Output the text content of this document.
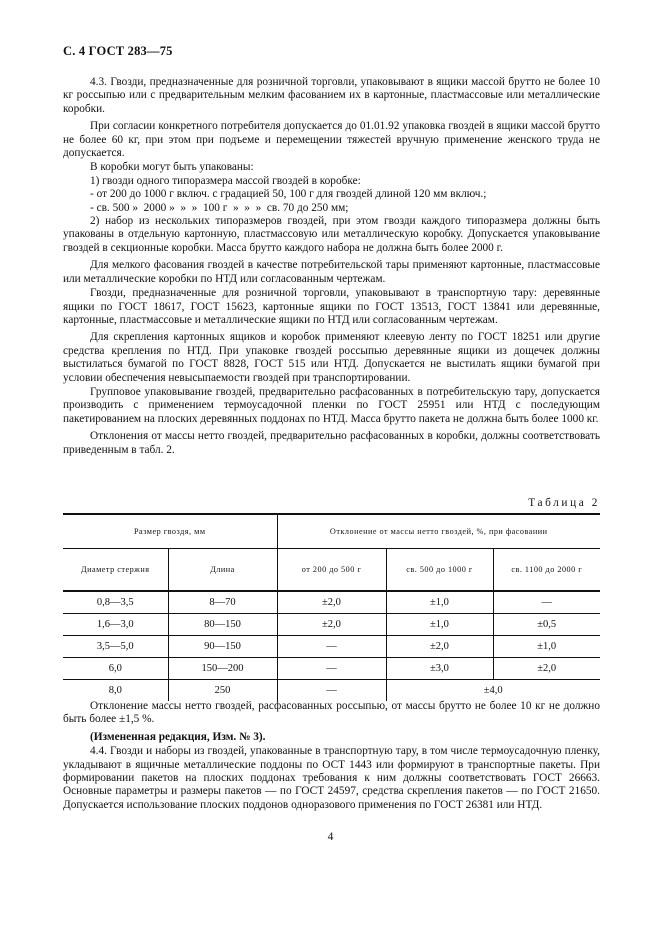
С. 4 ГОСТ 283—75
4.3. Гвозди, предназначенные для розничной торговли, упаковывают в ящики массой брутто не более 10 кг россыпью или с предварительным мелким фасованием их в картонные, пластмассовые или металлические коробки.
При согласии конкретного потребителя допускается до 01.01.92 упаковка гвоздей в ящики массой брутто не более 60 кг, при этом при подъеме и перемещении тяжестей вручную применение женского труда не допускается.
В коробки могут быть упакованы:
1) гвозди одного типоразмера массой гвоздей в коробке:
- от 200 до 1000 г включ. с градацией 50, 100 г для гвоздей длиной 120 мм включ.;
- св. 500 »  2000 »  »  »  100 г  »  »  »  св. 70 до 250 мм;
2) набор из нескольких типоразмеров гвоздей, при этом гвозди каждого типоразмера должны быть упакованы в отдельную картонную, пластмассовую или металлическую коробку. Допускается упаковывание гвоздей в секционные коробки. Масса брутто каждого набора не должна быть более 2000 г.
Для мелкого фасования гвоздей в качестве потребительской тары применяют картонные, пластмассовые или металлические коробки по НТД или согласованным чертежам.
Гвозди, предназначенные для розничной торговли, упаковывают в транспортную тару: деревянные ящики по ГОСТ 18617, ГОСТ 15623, картонные ящики по ГОСТ 13513, ГОСТ 13841 или деревянные, картонные, пластмассовые и металлические ящики по НТД или согласованным чертежам.
Для скрепления картонных ящиков и коробок применяют клеевую ленту по ГОСТ 18251 или другие средства крепления по НТД. При упаковке гвоздей россыпью деревянные ящики из дощечек должны выстилаться бумагой по ГОСТ 8828, ГОСТ 515 или НТД. Допускается не выстилать ящики бумагой при условии обеспечения невысыпаемости гвоздей при транспортировании.
Групповое упаковывание гвоздей, предварительно расфасованных в потребительскую тару, допускается производить с применением термоусадочной пленки по ГОСТ 25951 или НТД с последующим пакетированием на плоских деревянных поддонах по НТД. Масса брутто пакета не должна быть более 1000 кг.
Отклонения от массы нетто гвоздей, предварительно расфасованных в коробки, должны соответствовать приведенным в табл. 2.
Таблица 2
Размер гвоздя, мм		Отклонение от массы нетто гвоздей, %, при фасовании		
Диаметр стержня	Длина	от 200 до 500 г	св. 500 до 1000 г	св. 1100 до 2000 г
0,8—3,5	8—70	±2,0	±1,0	—
1,6—3,0	80—150	±2,0	±1,0	±0,5
3,5—5,0	90—150	—	±2,0	±1,0
6,0	150—200	—	±3,0	±2,0
8,0	250	—	±4,0	
Отклонение массы нетто гвоздей, расфасованных россыпью, от массы брутто не более 10 кг не должно быть более ±1,5 %.
(Измененная редакция, Изм. № 3).
4.4. Гвозди и наборы из гвоздей, упакованные в транспортную тару, в том числе термоусадочную пленку, укладывают в ящичные металлические поддоны по ОСТ 1443 или формируют в транспортные пакеты. При формировании пакетов на плоских поддонах требования к ним должны соответствовать ГОСТ 26663. Основные параметры и размеры пакетов — по ГОСТ 24597, средства скрепления пакетов — по ГОСТ 21650. Допускается использование плоских поддонов одноразового применения по ГОСТ 26381 или НТД.
4
